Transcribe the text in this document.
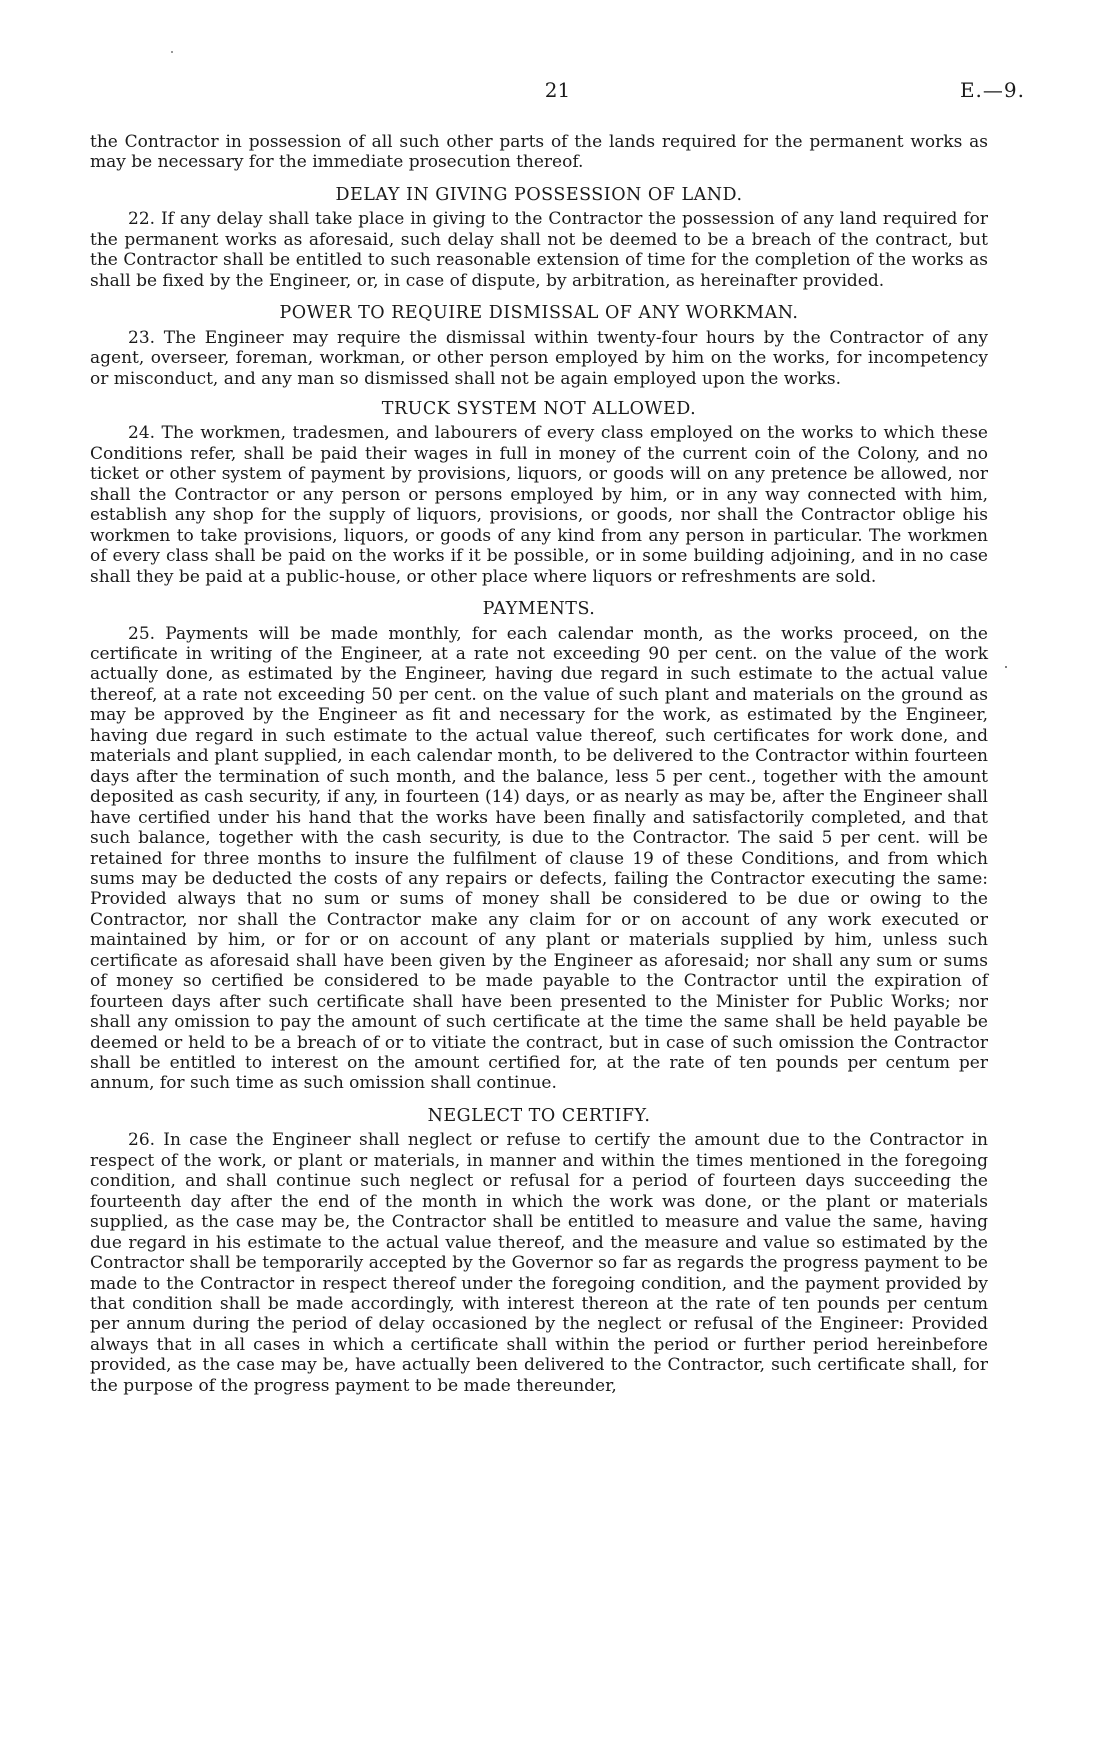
21	E.—9.

the Contractor in possession of all such other parts of the lands required for the permanent works as may be necessary for the immediate prosecution thereof.

DELAY IN GIVING POSSESSION OF LAND.

22. If any delay shall take place in giving to the Contractor the possession of any land required for the permanent works as aforesaid, such delay shall not be deemed to be a breach of the contract, but the Contractor shall be entitled to such reasonable extension of time for the completion of the works as shall be fixed by the Engineer, or, in case of dispute, by arbitration, as hereinafter provided.

POWER TO REQUIRE DISMISSAL OF ANY WORKMAN.

23. The Engineer may require the dismissal within twenty-four hours by the Contractor of any agent, overseer, foreman, workman, or other person employed by him on the works, for incompetency or misconduct, and any man so dismissed shall not be again employed upon the works.

TRUCK SYSTEM NOT ALLOWED.

24. The workmen, tradesmen, and labourers of every class employed on the works to which these Conditions refer, shall be paid their wages in full in money of the current coin of the Colony, and no ticket or other system of payment by provisions, liquors, or goods will on any pretence be allowed, nor shall the Contractor or any person or persons employed by him, or in any way connected with him, establish any shop for the supply of liquors, provisions, or goods, nor shall the Contractor oblige his workmen to take provisions, liquors, or goods of any kind from any person in particular. The workmen of every class shall be paid on the works if it be possible, or in some building adjoining, and in no case shall they be paid at a public-house, or other place where liquors or refreshments are sold.

PAYMENTS.

25. Payments will be made monthly, for each calendar month, as the works proceed, on the certificate in writing of the Engineer, at a rate not exceeding 90 per cent. on the value of the work actually done, as estimated by the Engineer, having due regard in such estimate to the actual value thereof, at a rate not exceeding 50 per cent. on the value of such plant and materials on the ground as may be approved by the Engineer as fit and necessary for the work, as estimated by the Engineer, having due regard in such estimate to the actual value thereof, such certificates for work done, and materials and plant supplied, in each calendar month, to be delivered to the Contractor within fourteen days after the termination of such month, and the balance, less 5 per cent., together with the amount deposited as cash security, if any, in fourteen (14) days, or as nearly as may be, after the Engineer shall have certified under his hand that the works have been finally and satisfactorily completed, and that such balance, together with the cash security, is due to the Contractor. The said 5 per cent. will be retained for three months to insure the fulfilment of clause 19 of these Conditions, and from which sums may be deducted the costs of any repairs or defects, failing the Contractor executing the same: Provided always that no sum or sums of money shall be considered to be due or owing to the Contractor, nor shall the Contractor make any claim for or on account of any work executed or maintained by him, or for or on account of any plant or materials supplied by him, unless such certificate as aforesaid shall have been given by the Engineer as aforesaid; nor shall any sum or sums of money so certified be considered to be made payable to the Contractor until the expiration of fourteen days after such certificate shall have been presented to the Minister for Public Works; nor shall any omission to pay the amount of such certificate at the time the same shall be held payable be deemed or held to be a breach of or to vitiate the contract, but in case of such omission the Contractor shall be entitled to interest on the amount certified for, at the rate of ten pounds per centum per annum, for such time as such omission shall continue.

NEGLECT TO CERTIFY.

26. In case the Engineer shall neglect or refuse to certify the amount due to the Contractor in respect of the work, or plant or materials, in manner and within the times mentioned in the foregoing condition, and shall continue such neglect or refusal for a period of fourteen days succeeding the fourteenth day after the end of the month in which the work was done, or the plant or materials supplied, as the case may be, the Contractor shall be entitled to measure and value the same, having due regard in his estimate to the actual value thereof, and the measure and value so estimated by the Contractor shall be temporarily accepted by the Governor so far as regards the progress payment to be made to the Contractor in respect thereof under the foregoing condition, and the payment provided by that condition shall be made accordingly, with interest thereon at the rate of ten pounds per centum per annum during the period of delay occasioned by the neglect or refusal of the Engineer: Provided always that in all cases in which a certificate shall within the period or further period hereinbefore provided, as the case may be, have actually been delivered to the Contractor, such certificate shall, for the purpose of the progress payment to be made thereunder,
